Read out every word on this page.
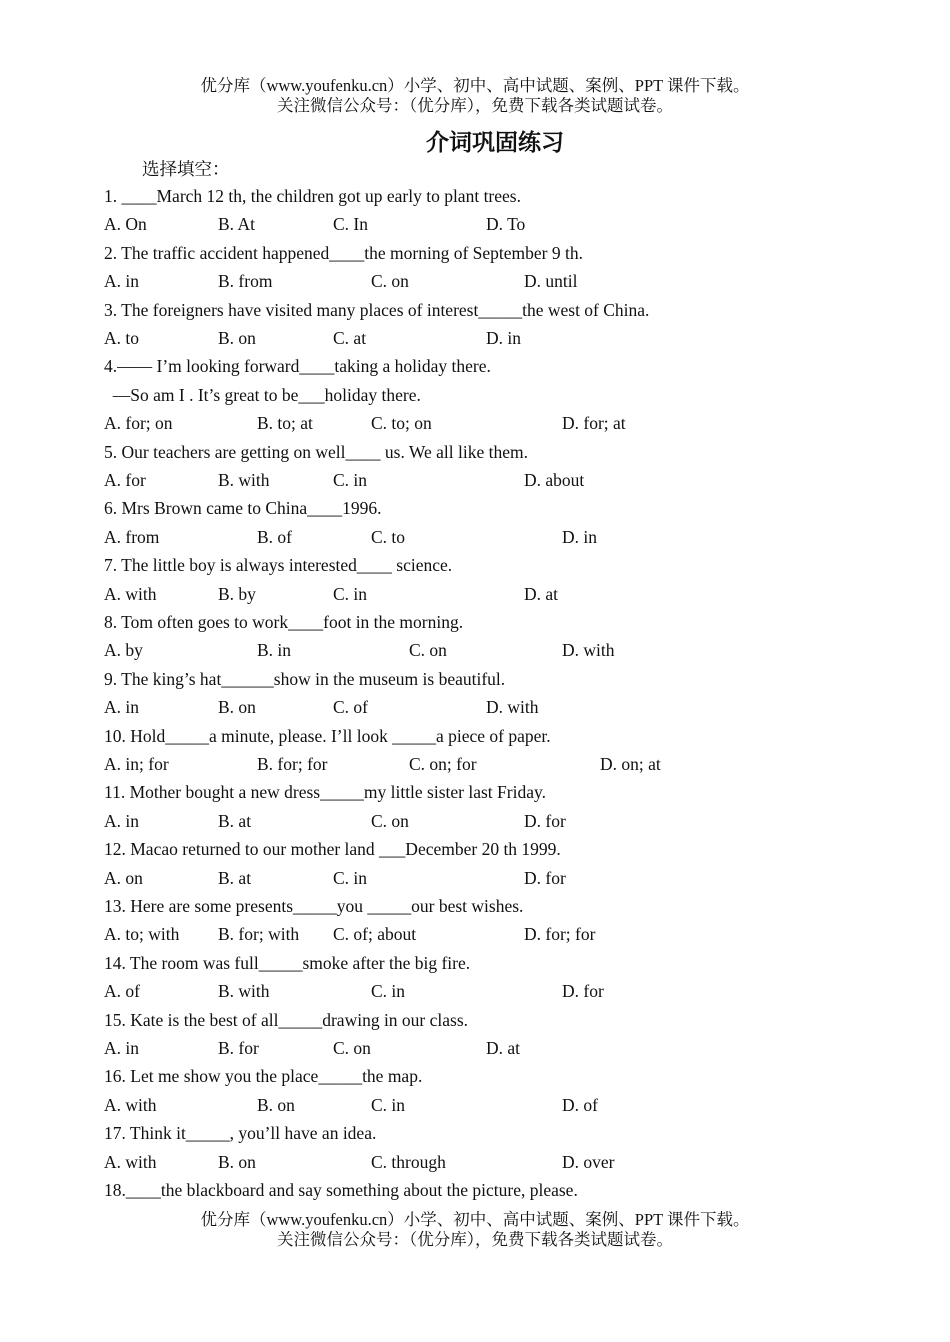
优分库（www.youfenku.cn）小学、初中、高中试题、案例、PPT 课件下载。
关注微信公众号：（优分库），免费下载各类试题试卷。
介词巩固练习
选择填空：
1. ____March 12 th, the children got up early to plant trees.
A. On	B. At	C. In	D. To
2. The traffic accident happened____the morning of September 9 th.
A. in	B. from	C. on	D. until
3. The foreigners have visited many places of interest_____the west of China.
A. to	B. on	C. at	D. in
4.—— I’m looking forward____taking a holiday there.
—So am I . It’s great to be___holiday there.
A. for; on	B. to; at	C. to; on	D. for; at
5. Our teachers are getting on well____ us. We all like them.
A. for	B. with	C. in	D. about
6. Mrs Brown came to China____1996.
A. from	B. of	C. to	D. in
7. The little boy is always interested____ science.
A. with	B. by	C. in	D. at
8. Tom often goes to work____foot in the morning.
A. by	B. in	C. on	D. with
9. The king’s hat______show in the museum is beautiful.
A. in	B. on	C. of	D. with
10. Hold_____a minute, please. I’ll look _____a piece of paper.
A. in; for	B. for; for	C. on; for	D. on; at
11. Mother bought a new dress_____my little sister last Friday.
A. in	B. at	C. on	D. for
12. Macao returned to our mother land ___December 20 th 1999.
A. on	B. at	C. in	D. for
13. Here are some presents_____you _____our best wishes.
A. to; with B. for; with C. of; about	D. for; for
14. The room was full_____smoke after the big fire.
A. of	B. with	C. in	D. for
15. Kate is the best of all_____drawing in our class.
A. in	B. for	C. on	D. at
16. Let me show you the place_____the map.
A. with	B. on	C. in	D. of
17. Think it_____, you’ll have an idea.
A. with	B. on	C. through	D. over
18.____the blackboard and say something about the picture, please.
优分库（www.youfenku.cn）小学、初中、高中试题、案例、PPT 课件下载。
关注微信公众号：（优分库），免费下载各类试题试卷。
